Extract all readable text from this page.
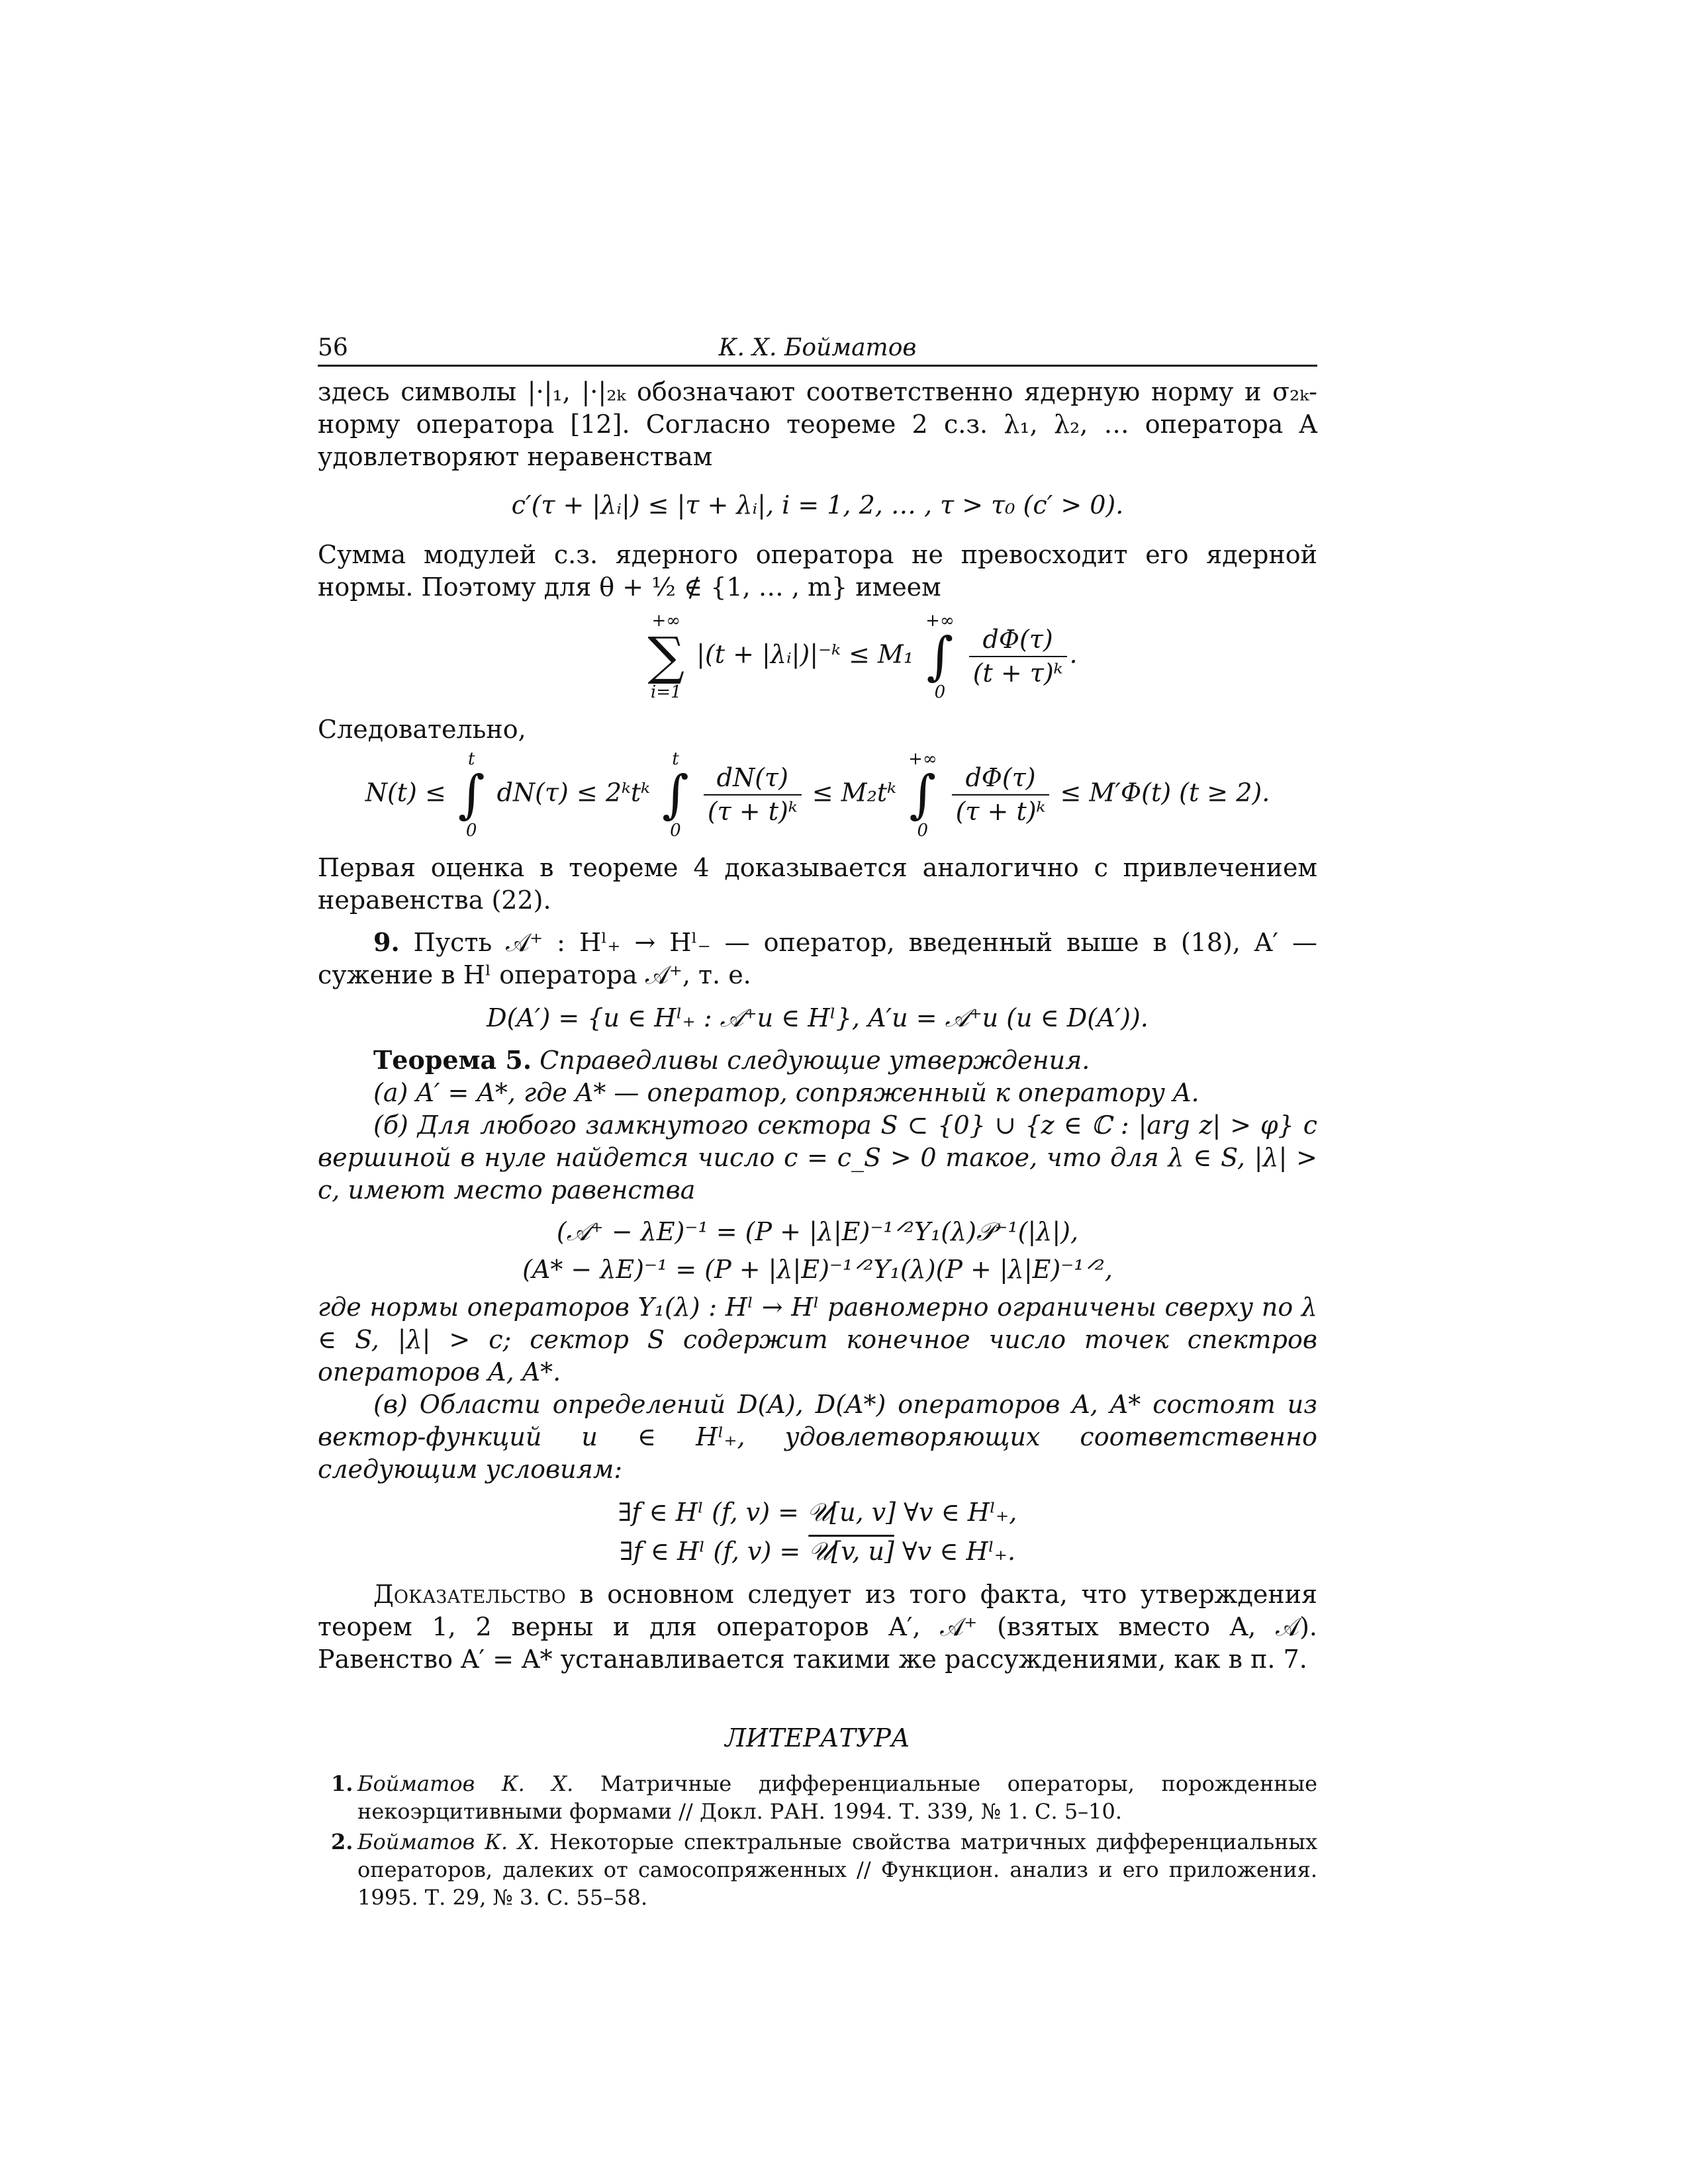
56	К. Х. Бойматов

здесь символы |·|₁, |·|₂ₖ обозначают соответственно ядерную норму и σ₂ₖ-норму оператора [12]. Согласно теореме 2 с.з. λ₁, λ₂, … оператора A удовлетворяют неравенствам

c′(τ + |λᵢ|) ≤ |τ + λᵢ|, i = 1, 2, … , τ > τ₀ (c′ > 0).

Сумма модулей с.з. ядерного оператора не превосходит его ядерной нормы. Поэтому для θ + ½ ∉ {1, … , m} имеем

+∞
∑
i=1
|(t + |λᵢ|)|⁻ᵏ ≤ M₁
+∞
∫
0

$\frac{d\Phi(\tau)}{\text{(t + τ)ᵏ}}$ .

Следовательно,

N(t) ≤
t
∫
0
dN(τ) ≤ 2ᵏtᵏ
t
∫
0

$\frac{dN(\tau)}{\text{(τ + t)ᵏ}}$ ≤ M₂tᵏ
+∞
∫
0

$\frac{d\Phi(\tau)}{\text{(τ + t)ᵏ}} \le M'\Phi(t) (t \ge 2)$.

Первая оценка в теореме 4 доказывается аналогично с привлечением неравенства (22).

9. Пусть 𝒜⁺ : Hˡ₊ → Hˡ₋ — оператор, введенный выше в (18), A′ — сужение в Hˡ оператора 𝒜⁺, т. е.

D(A′) = {u ∈ Hˡ₊ : 𝒜⁺u ∈ Hˡ}, A′u = 𝒜⁺u (u ∈ D(A′)).

Теорема 5. Справедливы следующие утверждения.

(а) A′ = A*, где A* — оператор, сопряженный к оператору A.

(б) Для любого замкнутого сектора S ⊂ {0} ∪ {z ∈ ℂ : |arg z| > φ} с вершиной в нуле найдется число c = c_S > 0 такое, что для λ ∈ S, |λ| > c, имеют место равенства

(𝒜⁺ − λE)⁻¹ = (P + |λ|E)⁻¹ᐟ²Y₁(λ)𝒫⁻¹(|λ|),
(A* − λE)⁻¹ = (P + |λ|E)⁻¹ᐟ²Y₁(λ)(P + |λ|E)⁻¹ᐟ²,

где нормы операторов Y₁(λ) : Hˡ → Hˡ равномерно ограничены сверху по λ ∈ S, |λ| > c; сектор S содержит конечное число точек спектров операторов A, A*.

(в) Области определений D(A), D(A*) операторов A, A* состоят из вектор-функций u ∈ Hˡ₊, удовлетворяющих соответственно следующим условиям:

∃f ∈ Hˡ (f, v) = 𝒰[u, v] ∀v ∈ Hˡ₊,
∃f ∈ Hˡ (f, v) = 𝒰[v, u] ∀v ∈ Hˡ₊.

Доказательство в основном следует из того факта, что утверждения теорем 1, 2 верны и для операторов A′, 𝒜⁺ (взятых вместо A, 𝒜). Равенство A′ = A* устанавливается такими же рассуждениями, как в п. 7.

ЛИТЕРАТУРА

1. Бойматов К. Х. Матричные дифференциальные операторы, порожденные некоэрцитивными формами // Докл. РАН. 1994. Т. 339, № 1. С. 5–10.

2. Бойматов К. Х. Некоторые спектральные свойства матричных дифференциальных операторов, далеких от самосопряженных // Функцион. анализ и его приложения. 1995. Т. 29, № 3. С. 55–58.
